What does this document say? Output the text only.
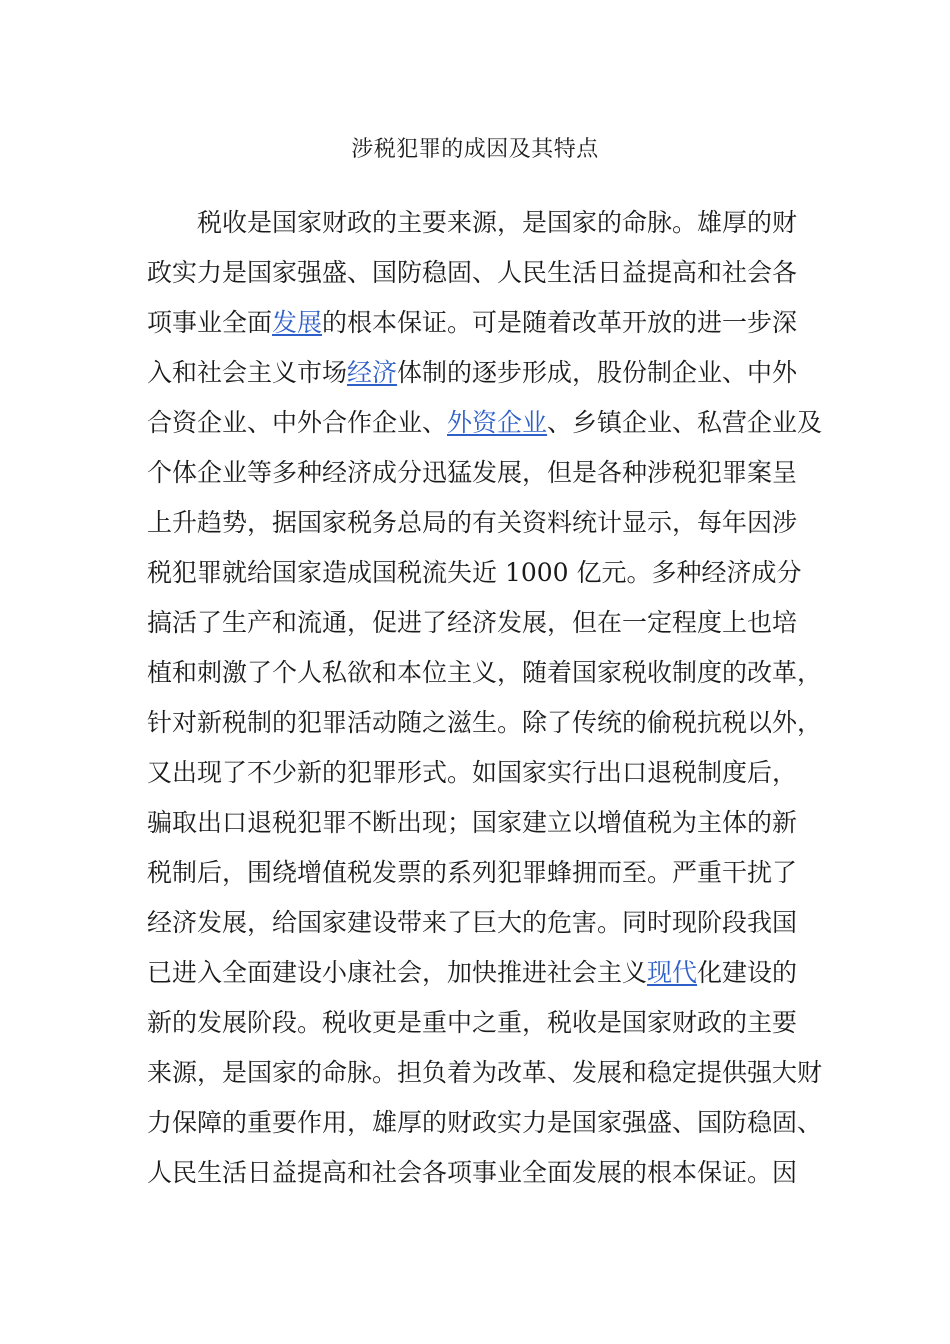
涉税犯罪的成因及其特点
税收是国家财政的主要来源，是国家的命脉。雄厚的财
政实力是国家强盛、国防稳固、人民生活日益提高和社会各
项事业全面发展的根本保证。可是随着改革开放的进一步深
入和社会主义市场经济体制的逐步形成，股份制企业、中外
合资企业、中外合作企业、外资企业、乡镇企业、私营企业及
个体企业等多种经济成分迅猛发展，但是各种涉税犯罪案呈
上升趋势，据国家税务总局的有关资料统计显示，每年因涉
税犯罪就给国家造成国税流失近 1000 亿元。多种经济成分
搞活了生产和流通，促进了经济发展，但在一定程度上也培
植和刺激了个人私欲和本位主义，随着国家税收制度的改革，
针对新税制的犯罪活动随之滋生。除了传统的偷税抗税以外，
又出现了不少新的犯罪形式。如国家实行出口退税制度后，
骗取出口退税犯罪不断出现；国家建立以增值税为主体的新
税制后，围绕增值税发票的系列犯罪蜂拥而至。严重干扰了
经济发展，给国家建设带来了巨大的危害。同时现阶段我国
已进入全面建设小康社会，加快推进社会主义现代化建设的
新的发展阶段。税收更是重中之重，税收是国家财政的主要
来源，是国家的命脉。担负着为改革、发展和稳定提供强大财
力保障的重要作用，雄厚的财政实力是国家强盛、国防稳固、
人民生活日益提高和社会各项事业全面发展的根本保证。因
